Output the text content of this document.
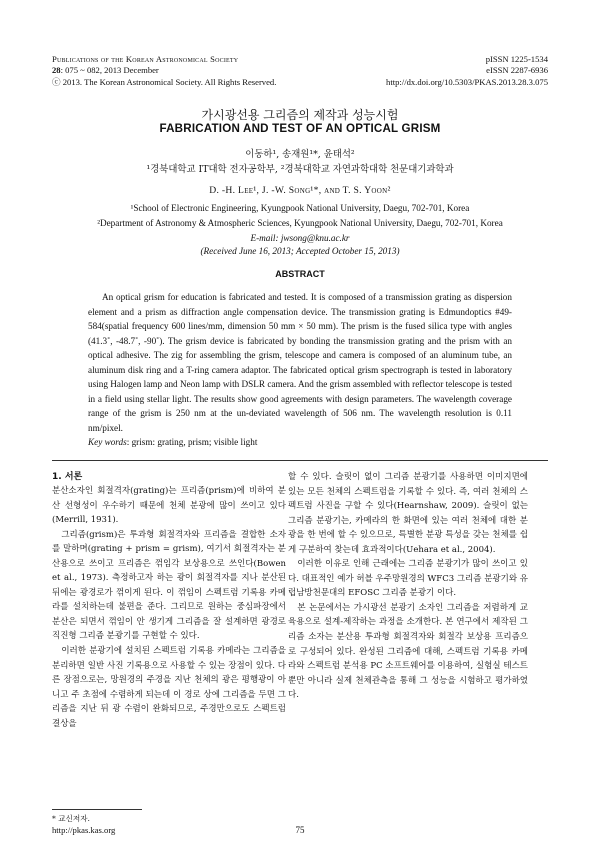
Publications of the Korean Astronomical Society
28: 075 ~ 082, 2013 December
ⓒ 2013. The Korean Astronomical Society. All Rights Reserved.
pISSN 1225-1534
eISSN 2287-6936
http://dx.doi.org/10.5303/PKAS.2013.28.3.075
가시광선용 그리즘의 제작과 성능시험
FABRICATION AND TEST OF AN OPTICAL GRISM
이동하¹, 송재원¹*, 윤태석²
¹경북대학교 IT대학 전자공학부, ²경북대학교 자연과학대학 천문대기과학과
D. -H. Lee¹, J. -W. Song¹*, and T. S. Yoon²
¹School of Electronic Engineering, Kyungpook National University, Daegu, 702-701, Korea
²Department of Astronomy & Atmospheric Sciences, Kyungpook National University, Daegu, 702-701, Korea
E-mail: jwsong@knu.ac.kr
(Received June 16, 2013; Accepted October 15, 2013)
ABSTRACT

An optical grism for education is fabricated and tested. It is composed of a transmission grating as dispersion element and a prism as diffraction angle compensation device. The transmission grating is Edmundoptics #49-584(spatial frequency 600 lines/mm, dimension 50 mm × 50 mm). The prism is the fused silica type with angles (41.3˚, -48.7˚, -90˚). The grism device is fabricated by bonding the transmission grating and the prism with an optical adhesive. The zig for assembling the grism, telescope and camera is composed of an aluminum tube, an aluminum disk ring and a T-ring camera adaptor. The fabricated optical grism spectrograph is tested in laboratory using Halogen lamp and Neon lamp with DSLR camera. And the grism assembled with reflector telescope is tested in a field using stellar light. The results show good agreements with design parameters. The wavelength coverage range of the grism is 250 nm at the un-deviated wavelength of 506 nm. The wavelength resolution is 0.11 nm/pixel.

Key words: grism: grating, prism; visible light

1. 서론

분산소자인 회절격자(grating)는 프리즘(prism)에 비하여 분산 선형성이 우수하기 때문에 천체 분광에 많이 쓰이고 있다(Merrill, 1931).

그리즘(grism)은 투과형 회절격자와 프리즘을 결합한 소자를 말하며(grating + prism = grism), 여기서 회절격자는 분산용으로 쓰이고 프리즘은 꺾임각 보상용으로 쓰인다(Bowen et al., 1973). 측정하고자 하는 광이 회절격자를 지나 분산된 뒤에는 광경로가 꺾이게 된다. 이 꺾임이 스펙트럼 기록용 카메라를 설치하는데 불편을 준다. 그리므로 원하는 중심파장에서 분산은 되면서 꺾임이 안 생기게 그리즘을 잘 설계하면 광경로 직진형 그리즘 분광기를 구현할 수 있다.

이러한 분광기에 설치된 스펙트럼 기록용 카메라는 그리즘을 분리하면 일반 사진 기록용으로 사용할 수 있는 장점이 있다. 다른 장점으로는, 망원경의 주경을 지난 천체의 광은 평행광이 아니고 주 초점에 수렴하게 되는데 이 경로 상에 그리즘을 두면 그리즘을 지난 뒤 광 수렴이 완화되므로, 주경만으로도 스펙트럼 결상을

할 수 있다. 슬릿이 없이 그리즘 분광기를 사용하면 이미지면에 있는 모든 천체의 스펙트럼을 기록할 수 있다. 즉, 여러 천체의 스펙트럼 사진을 구할 수 있다(Hearnshaw, 2009). 슬릿이 없는 그리즘 분광기는, 카메라의 한 화면에 있는 여러 천체에 대한 분광을 한 번에 할 수 있으므로, 특별한 분광 특성을 갖는 천체를 쉽게 구분하여 찾는데 효과적이다(Uehara et al., 2004).

이러한 이유로 인해 근래에는 그리즘 분광기가 많이 쓰이고 있다. 대표적인 예가 허블 우주망원경의 WFC3 그리즘 분광기와 유럽남방천문대의 EFOSC 그리즘 분광기 이다.

본 논문에서는 가시광선 분광기 소자인 그리즘을 저렴하게 교육용으로 설계-제작하는 과정을 소개한다. 본 연구에서 제작된 그리즘 소자는 분산용 투과형 회절격자와 회절각 보상용 프리즘으로 구성되어 있다. 완성된 그리즘에 대해, 스펙트럼 기록용 카메라와 스펙트럼 분석용 PC 소프트웨어를 이용하여, 실험실 테스트뿐만 아니라 실제 천체관측을 통해 그 성능을 시험하고 평가하였다.

* 교신저자.
http://pkas.kas.org	75
